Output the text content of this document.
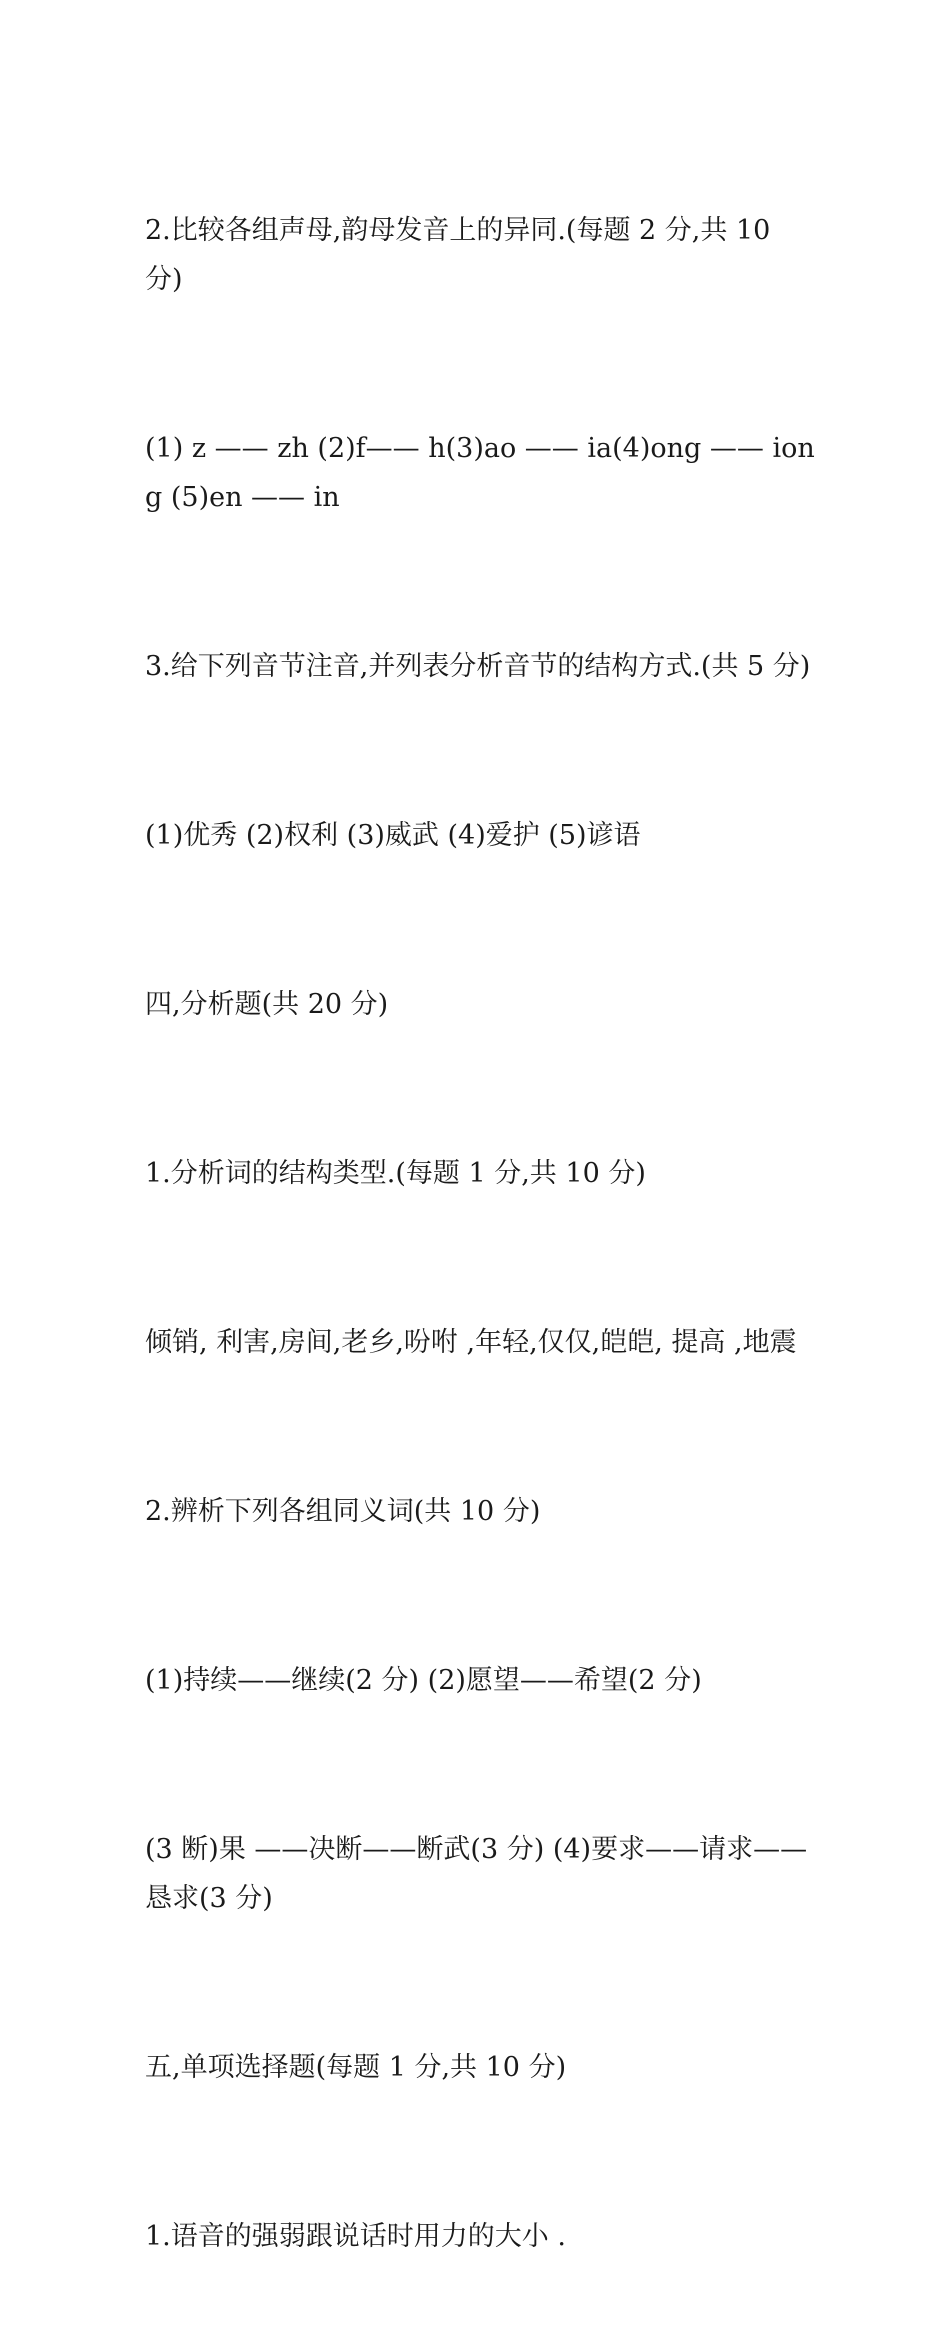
2.比较各组声母,韵母发音上的异同.(每题 2 分,共 10 分)

(1) z —— zh (2)f—— h(3)ao —— ia(4)ong —— iong (5)en —— in

3.给下列音节注音,并列表分析音节的结构方式.(共 5 分)

(1)优秀 (2)权利 (3)威武 (4)爱护 (5)谚语

四,分析题(共 20 分)

1.分析词的结构类型.(每题 1 分,共 10 分)

倾销, 利害,房间,老乡,吩咐 ,年轻,仅仅,皑皑, 提高 ,地震

2.辨析下列各组同义词(共 10 分)

(1)持续——继续(2 分) (2)愿望——希望(2 分)

(3 断)果 ——决断——断武(3 分) (4)要求——请求——恳求(3 分)

五,单项选择题(每题 1 分,共 10 分)

1.语音的强弱跟说话时用力的大小 .
